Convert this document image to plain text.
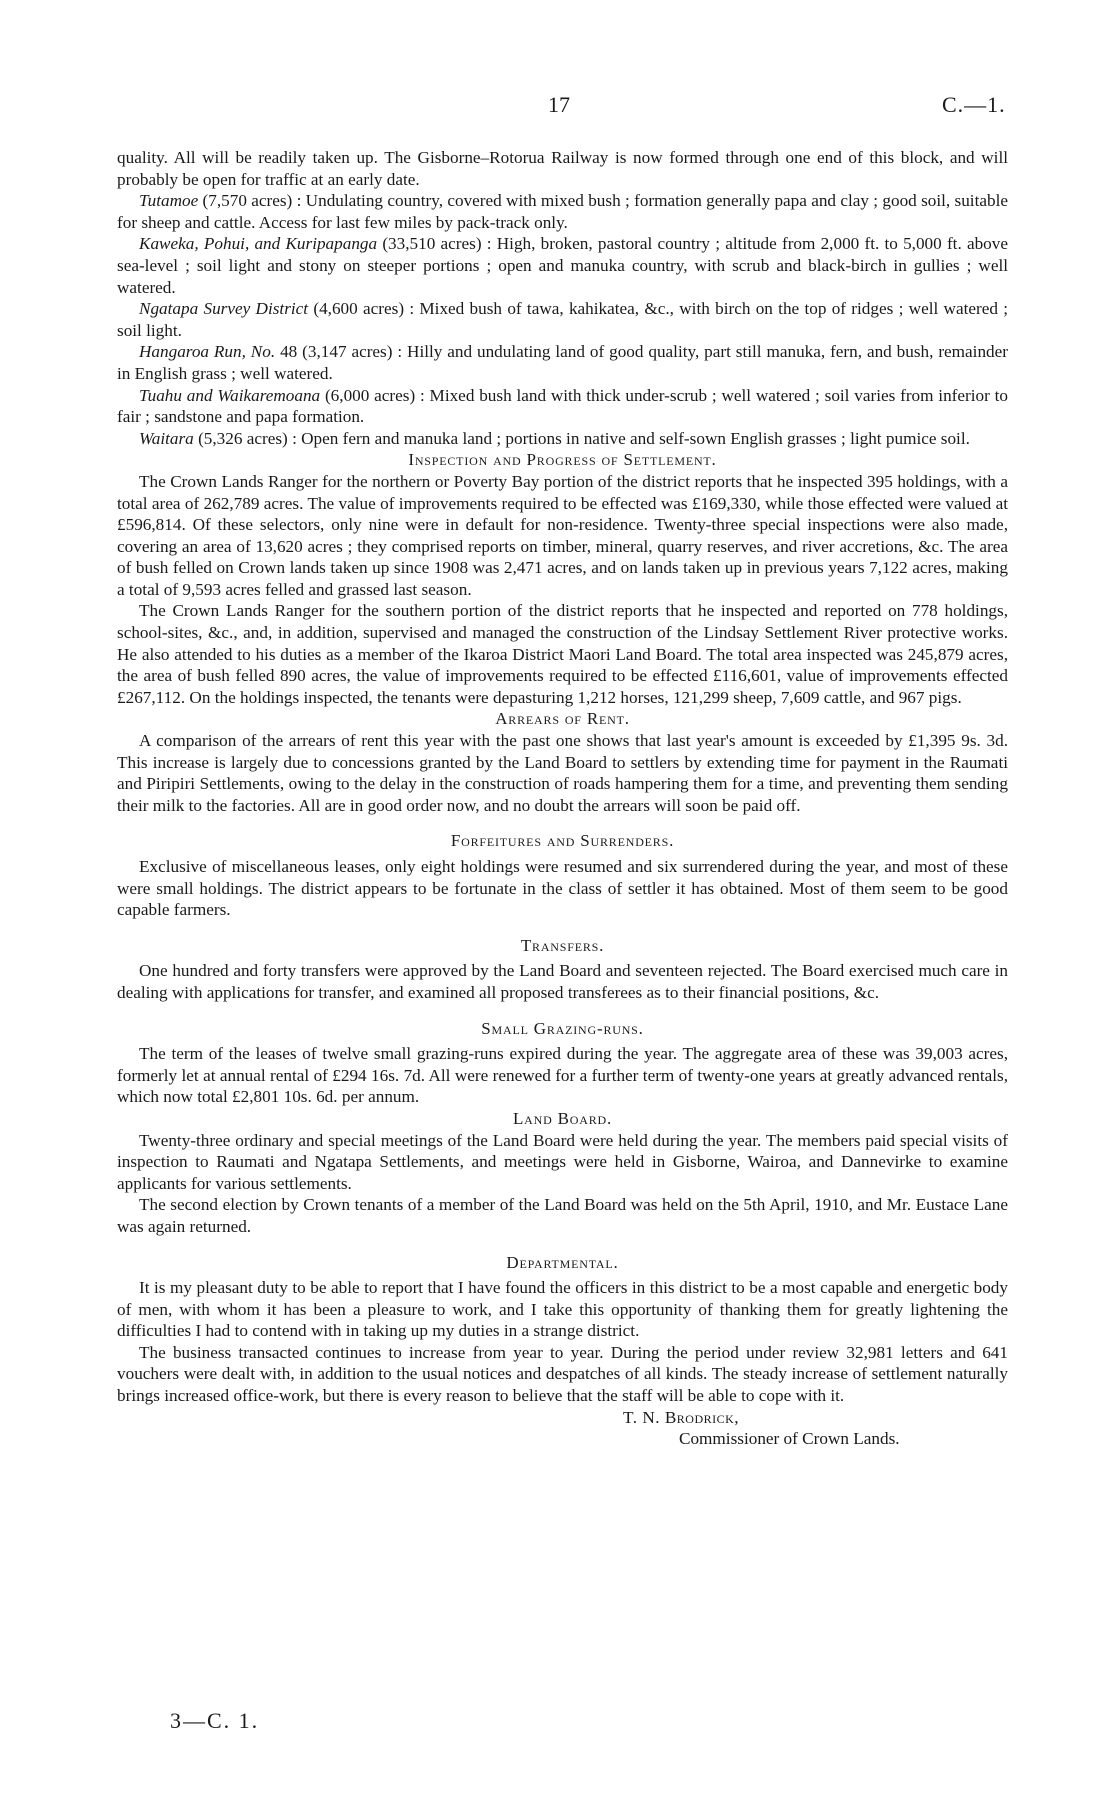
17	C.—1.

quality. All will be readily taken up. The Gisborne–Rotorua Railway is now formed through one end of this block, and will probably be open for traffic at an early date.

Tutamoe (7,570 acres) : Undulating country, covered with mixed bush ; formation generally papa and clay ; good soil, suitable for sheep and cattle. Access for last few miles by pack-track only.

Kaweka, Pohui, and Kuripapanga (33,510 acres) : High, broken, pastoral country ; altitude from 2,000 ft. to 5,000 ft. above sea-level ; soil light and stony on steeper portions ; open and manuka country, with scrub and black-birch in gullies ; well watered.

Ngatapa Survey District (4,600 acres) : Mixed bush of tawa, kahikatea, &c., with birch on the top of ridges ; well watered ; soil light.

Hangaroa Run, No. 48 (3,147 acres) : Hilly and undulating land of good quality, part still manuka, fern, and bush, remainder in English grass ; well watered.

Tuahu and Waikaremoana (6,000 acres) : Mixed bush land with thick under-scrub ; well watered ; soil varies from inferior to fair ; sandstone and papa formation.

Waitara (5,326 acres) : Open fern and manuka land ; portions in native and self-sown English grasses ; light pumice soil.

Inspection and Progress of Settlement.

The Crown Lands Ranger for the northern or Poverty Bay portion of the district reports that he inspected 395 holdings, with a total area of 262,789 acres. The value of improvements required to be effected was £169,330, while those effected were valued at £596,814. Of these selectors, only nine were in default for non-residence. Twenty-three special inspections were also made, covering an area of 13,620 acres ; they comprised reports on timber, mineral, quarry reserves, and river accretions, &c. The area of bush felled on Crown lands taken up since 1908 was 2,471 acres, and on lands taken up in previous years 7,122 acres, making a total of 9,593 acres felled and grassed last season.

The Crown Lands Ranger for the southern portion of the district reports that he inspected and reported on 778 holdings, school-sites, &c., and, in addition, supervised and managed the construction of the Lindsay Settlement River protective works. He also attended to his duties as a member of the Ikaroa District Maori Land Board. The total area inspected was 245,879 acres, the area of bush felled 890 acres, the value of improvements required to be effected £116,601, value of improvements effected £267,112. On the holdings inspected, the tenants were depasturing 1,212 horses, 121,299 sheep, 7,609 cattle, and 967 pigs.

Arrears of Rent.

A comparison of the arrears of rent this year with the past one shows that last year's amount is exceeded by £1,395 9s. 3d. This increase is largely due to concessions granted by the Land Board to settlers by extending time for payment in the Raumati and Piripiri Settlements, owing to the delay in the construction of roads hampering them for a time, and preventing them sending their milk to the factories. All are in good order now, and no doubt the arrears will soon be paid off.

Forfeitures and Surrenders.

Exclusive of miscellaneous leases, only eight holdings were resumed and six surrendered during the year, and most of these were small holdings. The district appears to be fortunate in the class of settler it has obtained. Most of them seem to be good capable farmers.

Transfers.

One hundred and forty transfers were approved by the Land Board and seventeen rejected. The Board exercised much care in dealing with applications for transfer, and examined all proposed transferees as to their financial positions, &c.

Small Grazing-runs.

The term of the leases of twelve small grazing-runs expired during the year. The aggregate area of these was 39,003 acres, formerly let at annual rental of £294 16s. 7d. All were renewed for a further term of twenty-one years at greatly advanced rentals, which now total £2,801 10s. 6d. per annum.

Land Board.

Twenty-three ordinary and special meetings of the Land Board were held during the year. The members paid special visits of inspection to Raumati and Ngatapa Settlements, and meetings were held in Gisborne, Wairoa, and Dannevirke to examine applicants for various settlements.

The second election by Crown tenants of a member of the Land Board was held on the 5th April, 1910, and Mr. Eustace Lane was again returned.

Departmental.

It is my pleasant duty to be able to report that I have found the officers in this district to be a most capable and energetic body of men, with whom it has been a pleasure to work, and I take this opportunity of thanking them for greatly lightening the difficulties I had to contend with in taking up my duties in a strange district.

The business transacted continues to increase from year to year. During the period under review 32,981 letters and 641 vouchers were dealt with, in addition to the usual notices and despatches of all kinds. The steady increase of settlement naturally brings increased office-work, but there is every reason to believe that the staff will be able to cope with it.

T. N. Brodrick,

Commissioner of Crown Lands.

3—C. 1.
